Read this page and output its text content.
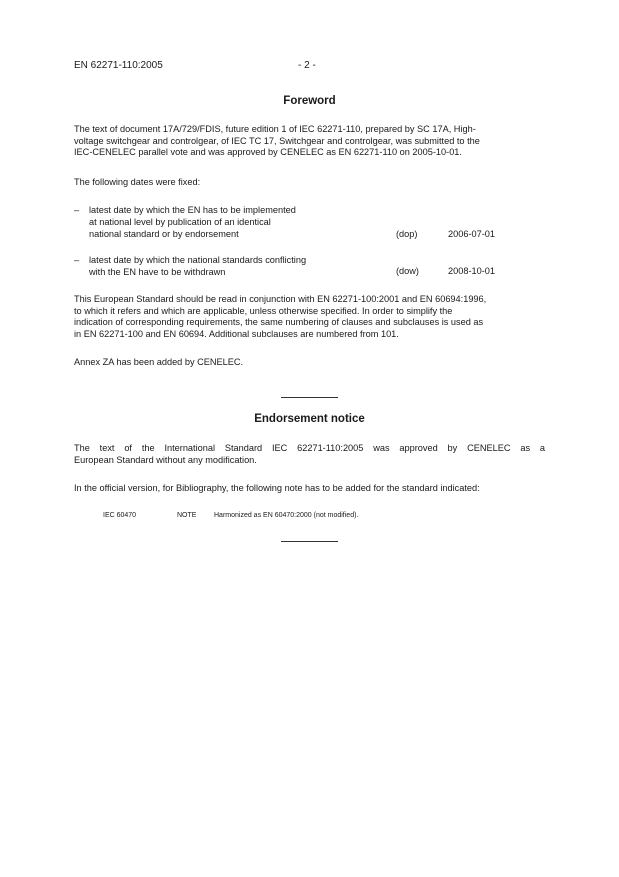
EN 62271-110:2005	- 2 -
Foreword
The text of document 17A/729/FDIS, future edition 1 of IEC 62271-110, prepared by SC 17A, High-
voltage switchgear and controlgear, of IEC TC 17, Switchgear and controlgear, was submitted to the
IEC-CENELEC parallel vote and was approved by CENELEC as EN 62271-110 on 2005-10-01.
The following dates were fixed:
– latest date by which the EN has to be implemented
at national level by publication of an identical
national standard or by endorsement	(dop)	2006-07-01
– latest date by which the national standards conflicting
with the EN have to be withdrawn	(dow)	2008-10-01
This European Standard should be read in conjunction with EN 62271-100:2001 and EN 60694:1996,
to which it refers and which are applicable, unless otherwise specified. In order to simplify the
indication of corresponding requirements, the same numbering of clauses and subclauses is used as
in EN 62271-100 and EN 60694. Additional subclauses are numbered from 101.
Annex ZA has been added by CENELEC.
Endorsement notice
The text of the International Standard IEC 62271-110:2005 was approved by CENELEC as a
European Standard without any modification.
In the official version, for Bibliography, the following note has to be added for the standard indicated:
IEC 60470	NOTE	Harmonized as EN 60470:2000 (not modified).
